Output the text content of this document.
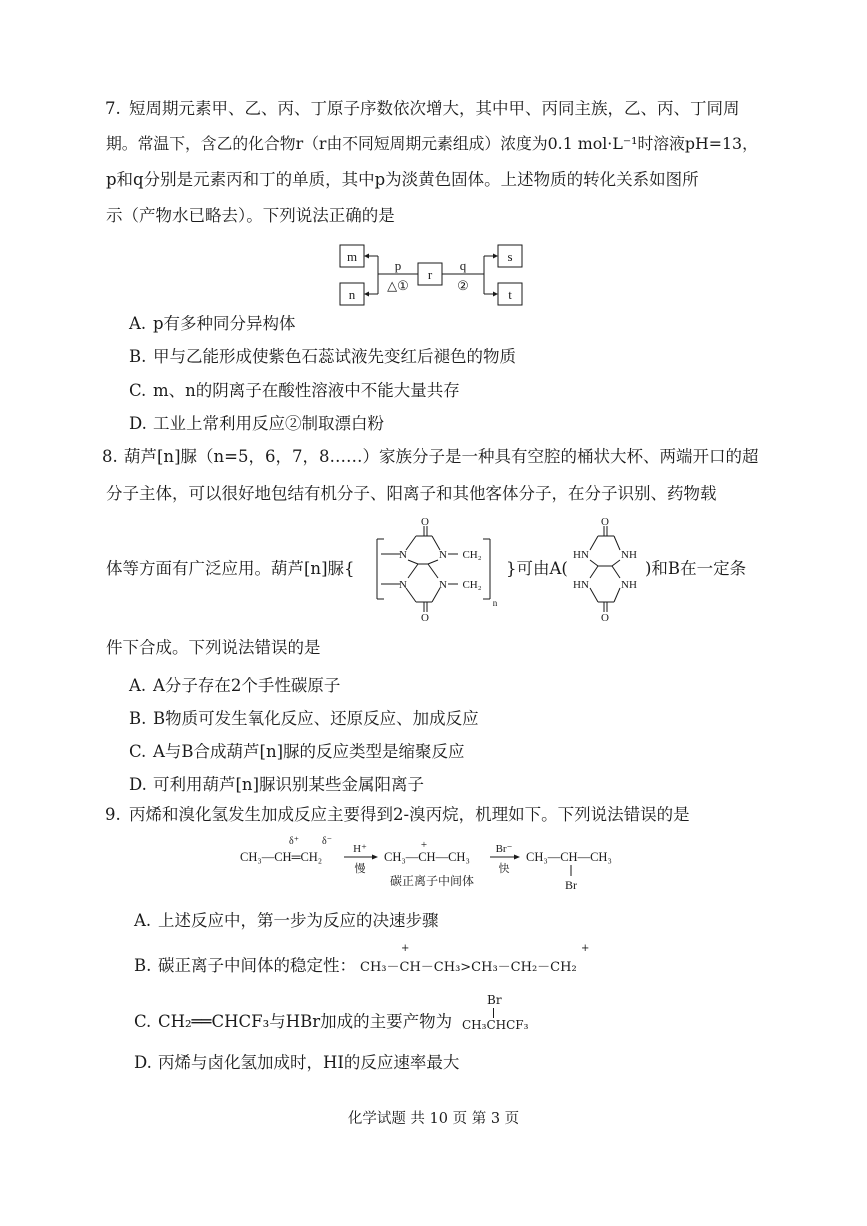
7. 短周期元素甲、乙、丙、丁原子序数依次增大，其中甲、丙同主族，乙、丙、丁同周
期。常温下，含乙的化合物r（r由不同短周期元素组成）浓度为0.1 mol·L⁻¹时溶液pH=13，
p和q分别是元素丙和丁的单质，其中p为淡黄色固体。上述物质的转化关系如图所
示（产物水已略去）。下列说法正确的是
m
n
r
s
t
p
△①
q
②
A. p有多种同分异构体
B. 甲与乙能形成使紫色石蕊试液先变红后褪色的物质
C. m、n的阴离子在酸性溶液中不能大量共存
D. 工业上常利用反应②制取漂白粉
8. 葫芦[n]脲（n=5，6，7，8……）家族分子是一种具有空腔的桶状大杯、两端开口的超
分子主体，可以很好地包结有机分子、阳离子和其他客体分子，在分子识别、药物载
体等方面有广泛应用。葫芦[n]脲{
O
N	N
N	N
CH₂
CH₂
O
n
}可由A(
O
HN	NH
HN	NH
O
)和B在一定条
件下合成。下列说法错误的是
A. A分子存在2个手性碳原子
B. B物质可发生氧化反应、还原反应、加成反应
C. A与B合成葫芦[n]脲的反应类型是缩聚反应
D. 可利用葫芦[n]脲识别某些金属阳离子
9. 丙烯和溴化氢发生加成反应主要得到2-溴丙烷，机理如下。下列说法错误的是
δ⁺ δ⁻
CH₃—CH═CH₂
H⁺
慢
+
CH₃—CH—CH₃
碳正离子中间体
Br⁻
快
CH₃—CH—CH₃
Br
A. 上述反应中，第一步为反应的决速步骤
B. 碳正离子中间体的稳定性： CH₃－CH－CH₃>CH₃－CH₂－CH₂
+	+
C. CH₂══CHCF₃与HBr加成的主要产物为
Br
CH₃CHCF₃
D. 丙烯与卤化氢加成时，HI的反应速率最大
化学试题 共 10 页 第 3 页
